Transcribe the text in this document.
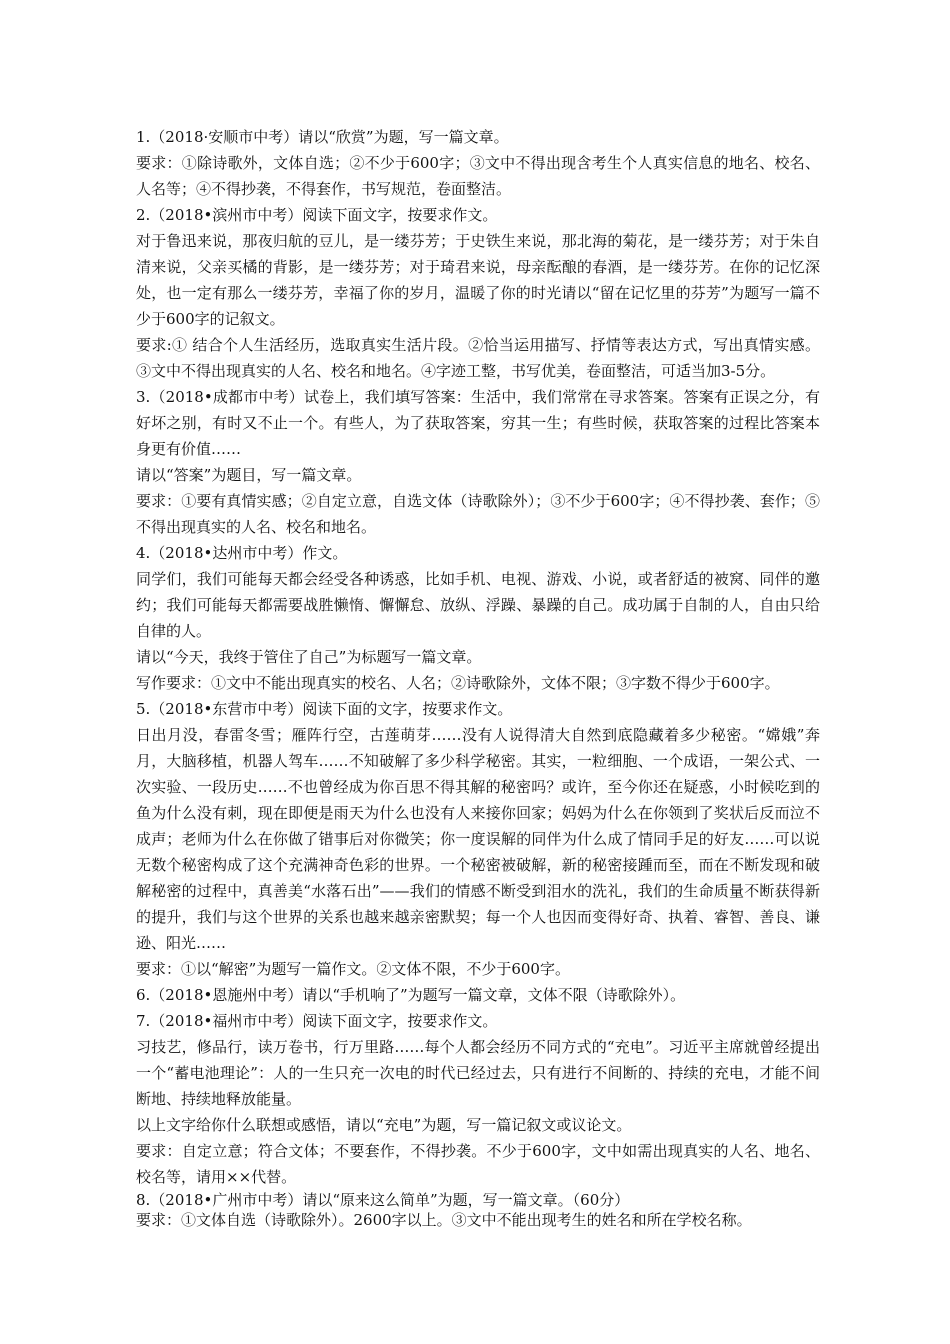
1.（2018·安顺市中考）请以“欣赏”为题，写一篇文章。

要求：①除诗歌外，文体自选；②不少于600字；③文中不得出现含考生个人真实信息的地名、校名、人名等；④不得抄袭，不得套作，书写规范，卷面整洁。

2.（2018•滨州市中考）阅读下面文字，按要求作文。

对于鲁迅来说，那夜归航的豆儿，是一缕芬芳；于史铁生来说，那北海的菊花，是一缕芬芳；对于朱自清来说，父亲买橘的背影，是一缕芬芳；对于琦君来说，母亲酝酿的春酒，是一缕芬芳。在你的记忆深处，也一定有那么一缕芬芳，幸福了你的岁月，温暖了你的时光请以“留在记忆里的芬芳”为题写一篇不少于600字的记叙文。

要求:① 结合个人生活经历，选取真实生活片段。②恰当运用描写、抒情等表达方式，写出真情实感。③文中不得出现真实的人名、校名和地名。④字迹工整，书写优美，卷面整洁，可适当加3-5分。

3.（2018•成都市中考）试卷上，我们填写答案：生活中，我们常常在寻求答案。答案有正误之分，有好坏之别，有时又不止一个。有些人，为了获取答案，穷其一生；有些时候，获取答案的过程比答案本身更有价值……

请以“答案”为题目，写一篇文章。

要求：①要有真情实感；②自定立意，自选文体（诗歌除外）；③不少于600字；④不得抄袭、套作；⑤不得出现真实的人名、校名和地名。

4.（2018•达州市中考）作文。

同学们，我们可能每天都会经受各种诱惑，比如手机、电视、游戏、小说，或者舒适的被窝、同伴的邀约；我们可能每天都需要战胜懒惰、懈懈怠、放纵、浮躁、暴躁的自己。成功属于自制的人，自由只给自律的人。

请以“今天，我终于管住了自己”为标题写一篇文章。

写作要求：①文中不能出现真实的校名、人名；②诗歌除外，文体不限；③字数不得少于600字。

5.（2018•东营市中考）阅读下面的文字，按要求作文。

日出月没，春雷冬雪；雁阵行空，古莲萌芽……没有人说得清大自然到底隐藏着多少秘密。“嫦娥”奔月，大脑移植，机器人驾车……不知破解了多少科学秘密。其实，一粒细胞、一个成语，一架公式、一次实验、一段历史……不也曾经成为你百思不得其解的秘密吗？或许，至今你还在疑惑，小时候吃到的鱼为什么没有刺，现在即便是雨天为什么也没有人来接你回家；妈妈为什么在你领到了奖状后反而泣不成声；老师为什么在你做了错事后对你微笑；你一度误解的同伴为什么成了情同手足的好友……可以说无数个秘密构成了这个充满神奇色彩的世界。一个秘密被破解，新的秘密接踵而至，而在不断发现和破解秘密的过程中，真善美“水落石出”——我们的情感不断受到泪水的洗礼，我们的生命质量不断获得新的提升，我们与这个世界的关系也越来越亲密默契；每一个人也因而变得好奇、执着、睿智、善良、谦逊、阳光……

要求：①以“解密”为题写一篇作文。②文体不限，不少于600字。

6.（2018•恩施州中考）请以“手机响了”为题写一篇文章，文体不限（诗歌除外）。

7.（2018•福州市中考）阅读下面文字，按要求作文。

习技艺，修品行，读万卷书，行万里路……每个人都会经历不同方式的“充电”。习近平主席就曾经提出一个“蓄电池理论”：人的一生只充一次电的时代已经过去，只有进行不间断的、持续的充电，才能不间断地、持续地释放能量。

以上文字给你什么联想或感悟，请以“充电”为题，写一篇记叙文或议论文。

要求：自定立意；符合文体；不要套作，不得抄袭。不少于600字，文中如需出现真实的人名、地名、校名等，请用××代替。

8.（2018•广州市中考）请以“原来这么简单”为题，写一篇文章。（60分）

要求：①文体自选（诗歌除外）。2600字以上。③文中不能出现考生的姓名和所在学校名称。
